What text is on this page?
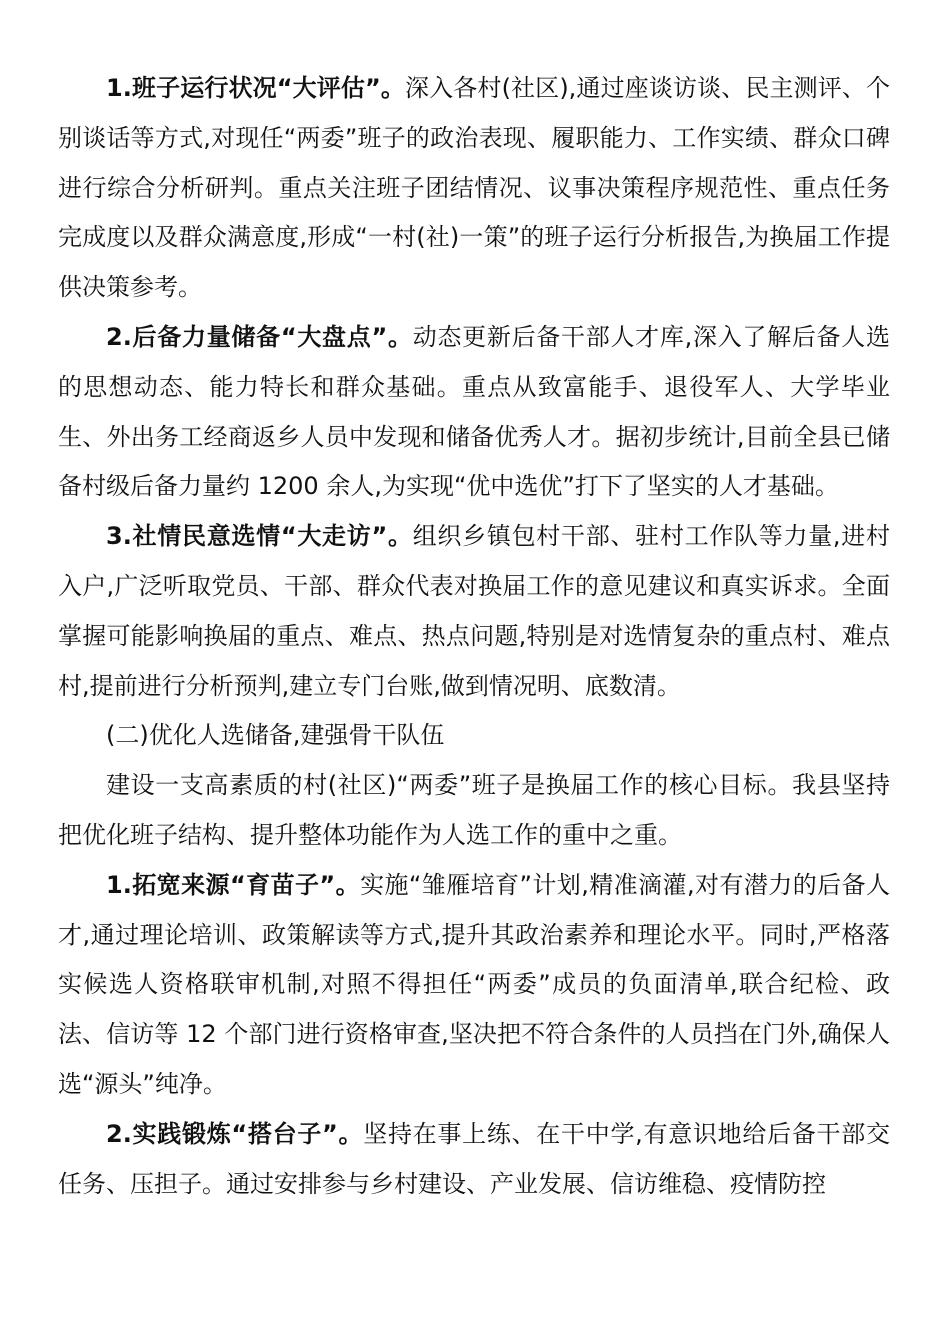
1.班子运行状况“大评估”。深入各村(社区),通过座谈访谈、民主测评、个别谈话等方式,对现任“两委”班子的政治表现、履职能力、工作实绩、群众口碑进行综合分析研判。重点关注班子团结情况、议事决策程序规范性、重点任务完成度以及群众满意度,形成“一村(社)一策”的班子运行分析报告,为换届工作提供决策参考。

2.后备力量储备“大盘点”。动态更新后备干部人才库,深入了解后备人选的思想动态、能力特长和群众基础。重点从致富能手、退役军人、大学毕业生、外出务工经商返乡人员中发现和储备优秀人才。据初步统计,目前全县已储备村级后备力量约 1200 余人,为实现“优中选优”打下了坚实的人才基础。

3.社情民意选情“大走访”。组织乡镇包村干部、驻村工作队等力量,进村入户,广泛听取党员、干部、群众代表对换届工作的意见建议和真实诉求。全面掌握可能影响换届的重点、难点、热点问题,特别是对选情复杂的重点村、难点村,提前进行分析预判,建立专门台账,做到情况明、底数清。

(二)优化人选储备,建强骨干队伍

建设一支高素质的村(社区)“两委”班子是换届工作的核心目标。我县坚持把优化班子结构、提升整体功能作为人选工作的重中之重。

1.拓宽来源“育苗子”。实施“雏雁培育”计划,精准滴灌,对有潜力的后备人才,通过理论培训、政策解读等方式,提升其政治素养和理论水平。同时,严格落实候选人资格联审机制,对照不得担任“两委”成员的负面清单,联合纪检、政法、信访等 12 个部门进行资格审查,坚决把不符合条件的人员挡在门外,确保人选“源头”纯净。

2.实践锻炼“搭台子”。坚持在事上练、在干中学,有意识地给后备干部交任务、压担子。通过安排参与乡村建设、产业发展、信访维稳、疫情防控
